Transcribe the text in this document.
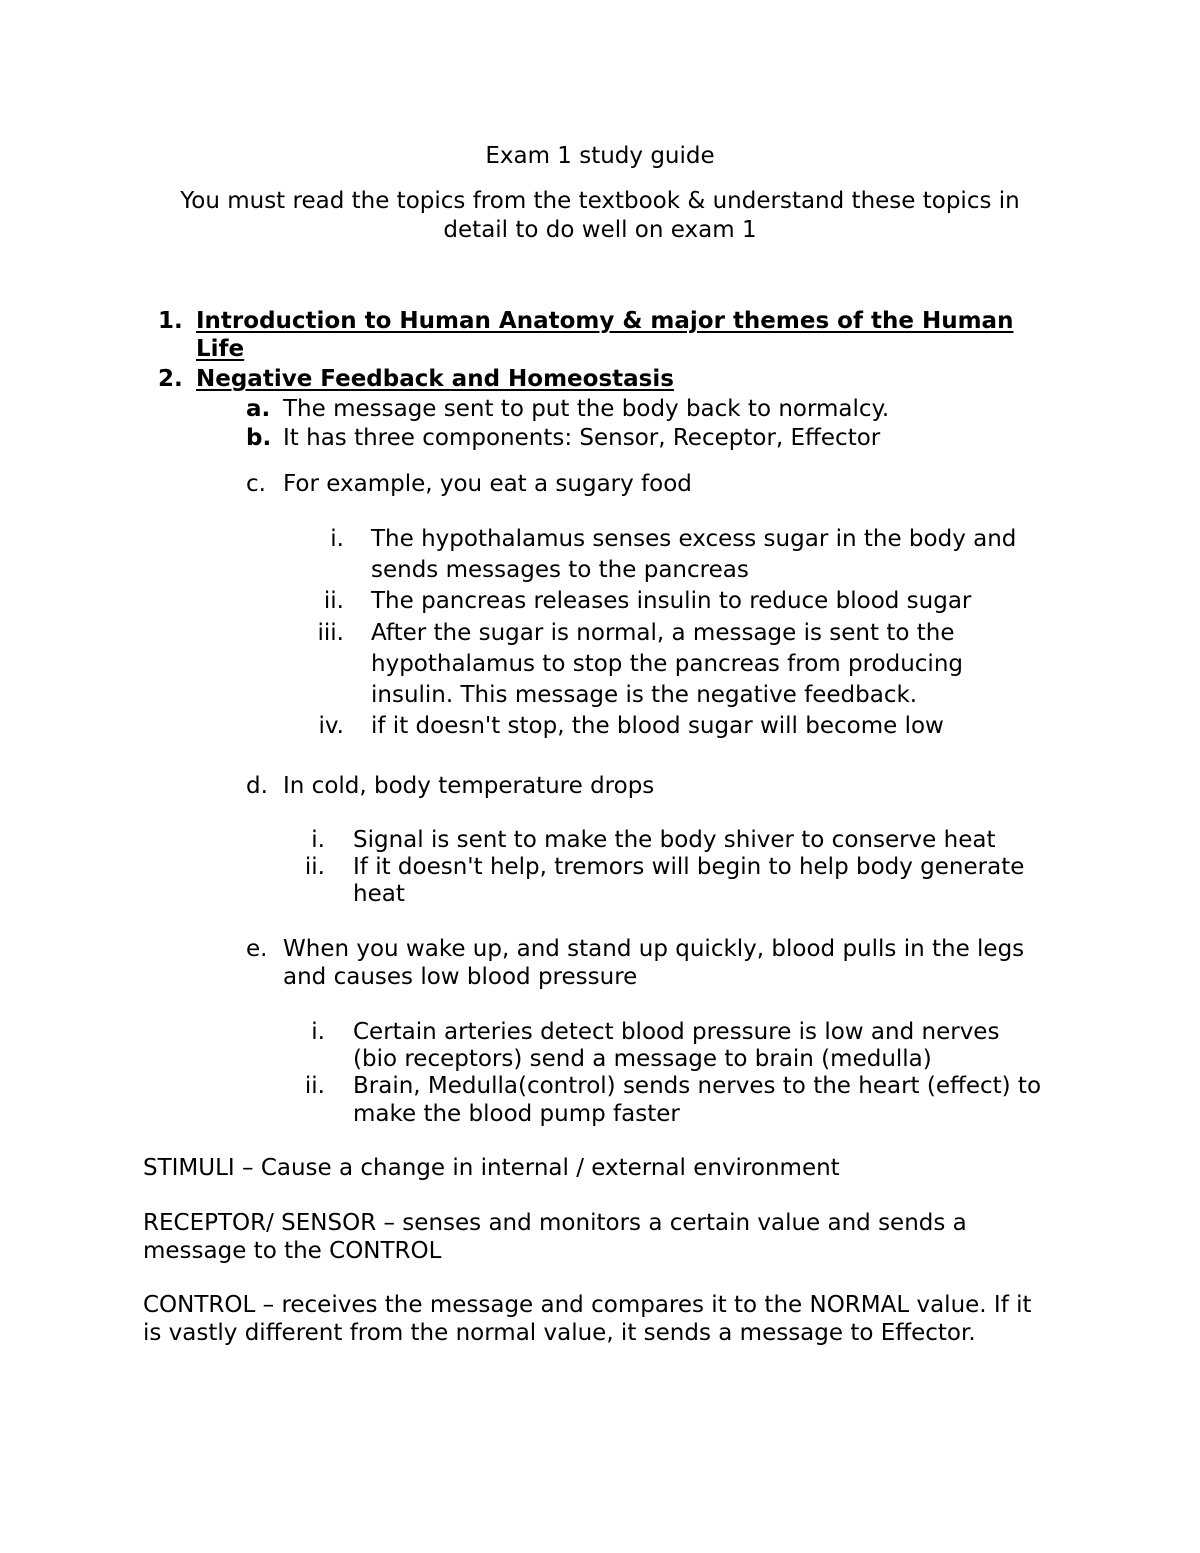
Exam 1 study guide
You must read the topics from the textbook & understand these topics in
detail to do well on exam 1
1. Introduction to Human Anatomy & major themes of the Human
Life
2. Negative Feedback and Homeostasis
a. The message sent to put the body back to normalcy.
b. It has three components: Sensor, Receptor, Effector
c. For example, you eat a sugary food
i. The hypothalamus senses excess sugar in the body and
sends messages to the pancreas
ii. The pancreas releases insulin to reduce blood sugar
iii. After the sugar is normal, a message is sent to the
hypothalamus to stop the pancreas from producing
insulin. This message is the negative feedback.
iv. if it doesn't stop, the blood sugar will become low
d. In cold, body temperature drops
i. Signal is sent to make the body shiver to conserve heat
ii. If it doesn't help, tremors will begin to help body generate
heat
e. When you wake up, and stand up quickly, blood pulls in the legs
and causes low blood pressure
i. Certain arteries detect blood pressure is low and nerves
(bio receptors) send a message to brain (medulla)
ii. Brain, Medulla(control) sends nerves to the heart (effect) to
make the blood pump faster
STIMULI – Cause a change in internal / external environment
RECEPTOR/ SENSOR – senses and monitors a certain value and sends a
message to the CONTROL
CONTROL – receives the message and compares it to the NORMAL value. If it
is vastly different from the normal value, it sends a message to Effector.
